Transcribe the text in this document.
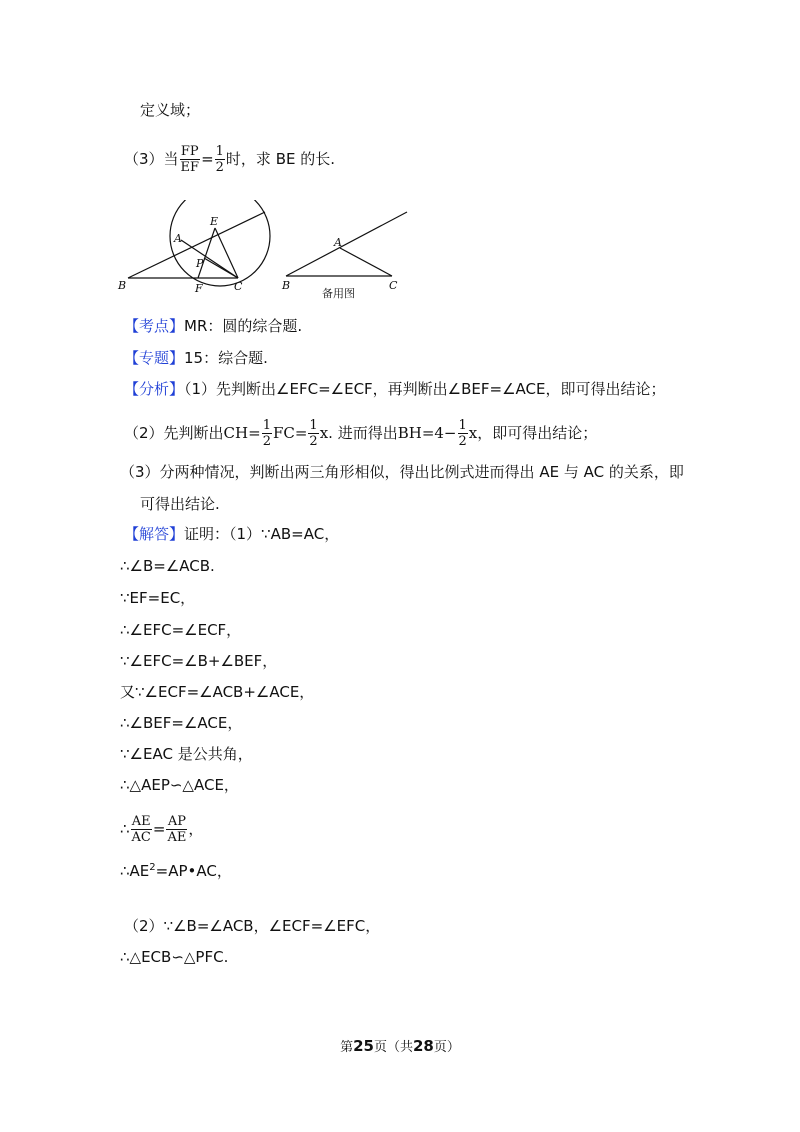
定义域；
（3）当 $\frac{FP}{EF} = \frac{1}{2}$ 时，求 BE 的长.
A
E
P
B	F	C
A
B	C
备用图
【考点】MR：圆的综合题.
【专题】15：综合题.
【分析】（1）先判断出∠EFC=∠ECF，再判断出∠BEF=∠ACE，即可得出结论；
（2）先判断出$CH= \frac{1}{2} FC= \frac{1}{2} x$. 进而得出$BH=4- \frac{1}{2}$ x，即可得出结论；
（3）分两种情况，判断出两三角形相似，得出比例式进而得出 AE 与 AC 的关系，即
可得出结论.
【解答】证明：（1）∵AB=AC，
∴∠B=∠ACB.
∵EF=EC，
∴∠EFC=∠ECF，
∵∠EFC=∠B+∠BEF，
又∵∠ECF=∠ACB+∠ACE，
∴∠BEF=∠ACE，
∵∠EAC 是公共角，
∴△AEP∽△ACE，
∴ $\frac{AE}{AC} = \frac{AP}{AE}$ ，
$\therefore AE^2=AP•AC$，
（2）∵∠B=∠ACB，∠ECF=∠EFC，
∴△ECB∽△PFC.
第25页（共28页）
